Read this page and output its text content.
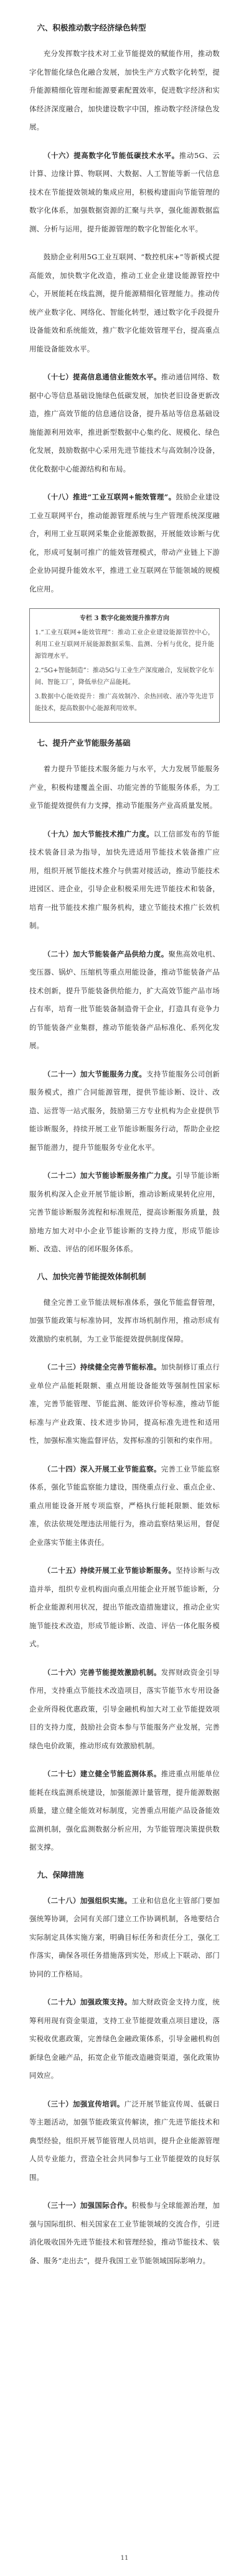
六、积极推动数字经济绿色转型

充分发挥数字技术对工业节能提效的赋能作用，推动数字化智能化绿色化融合发展，加快生产方式数字化转型，提升能源精细化管理和能源要素配置效率，促进数字经济和实体经济深度融合，加快建设数字中国，推动数字经济绿色发展。

（十六）提高数字化节能低碳技术水平。推动5G、云计算、边缘计算、物联网、大数据、人工智能等新一代信息技术在节能提效领域的集成应用，积极构建面向节能管理的数字化体系，加强数据资源的汇聚与共享，强化能源数据监测、分析与运用，提升能源管理的数字化智能化水平。

鼓励企业利用5G工业互联网、“数控机床+”等新模式提高能效，加快数字化改造，推动工业企业建设能源管控中心，开展能耗在线监测，提升能源精细化管理能力。推动传统产业数字化、网络化、智能化转型，通过数字化手段提升设备能效和系统能效，推广数字化能效管理平台，提高重点用能设备能效水平。

（十七）提高信息通信业能效水平。推动通信网络、数据中心等信息基础设施绿色低碳发展，加快老旧设备更新改造，推广高效节能的信息通信设备，提升基站等信息基础设施能源利用效率，推进新型数据中心集约化、规模化、绿色化发展，鼓励数据中心采用先进节能技术与高效制冷设备，优化数据中心能源结构和布局。

（十八）推进“工业互联网+能效管理”。鼓励企业建设工业互联网平台，推动能源管理系统与生产管理系统深度融合，利用工业互联网采集企业能源数据，开展能效诊断与优化，形成可复制可推广的能效管理模式，带动产业链上下游企业协同提升能效水平，推进工业互联网在节能领域的规模化应用。

专栏 3 数字化能效提升推荐方向
1.“工业互联网+能效管理”：推动工业企业建设能源管控中心，利用工业互联网开展能源数据采集、监测、分析与优化，提升能源管理水平。
2.“5G+智能制造”：推动5G与工业生产深度融合，发展数字化车间、智能工厂，降低单位产品能耗。
3.数据中心能效提升：推广高效制冷、余热回收、液冷等先进节能技术，提高数据中心能源利用效率。
七、提升产业节能服务基础

着力提升节能技术服务能力与水平，大力发展节能服务产业，积极构建覆盖全面、功能完善的节能服务体系，为工业节能提效提供有力支撑，推动节能服务产业高质量发展。

（十九）加大节能技术推广力度。以工信部发布的节能技术装备目录为指导，加快先进适用节能技术装备推广应用，组织开展节能技术推介与供需对接活动，推动节能技术进园区、进企业，引导企业积极采用先进节能技术和装备，培育一批节能技术推广服务机构，建立节能技术推广长效机制。

（二十）加大节能装备产品供给力度。聚焦高效电机、变压器、锅炉、压缩机等重点用能设备，推动节能装备产品技术创新，提升节能装备供给能力，扩大高效节能产品市场占有率，培育一批节能装备制造骨干企业，打造具有竞争力的节能装备产业集群，推动节能装备产品标准化、系列化发展。

（二十一）加大节能服务力度。支持节能服务公司创新服务模式，推广合同能源管理，提供节能诊断、设计、改造、运营等一站式服务，鼓励第三方专业机构为企业提供节能诊断服务，持续开展工业节能诊断服务行动，帮助企业挖掘节能潜力，提升节能服务专业化水平。

（二十二）加大节能诊断服务推广力度。引导节能诊断服务机构深入企业开展节能诊断，推动诊断成果转化应用，完善节能诊断服务流程和标准规范，提高诊断服务质量，鼓励地方加大对中小企业节能诊断的支持力度，形成节能诊断、改造、评估的闭环服务体系。

八、加快完善节能提效体制机制

健全完善工业节能法规标准体系，强化节能监督管理，加强节能政策与标准协同，发挥市场机制作用，推动形成有效激励约束机制，为工业节能提效提供制度保障。

（二十三）持续健全完善节能标准。加快制修订重点行业单位产品能耗限额、重点用能设备能效等强制性国家标准，完善节能管理、节能监测、能效评价等标准，推动节能标准与产业政策、技术进步协同，提高标准先进性和适用性，加强标准实施监督评估，发挥标准的引领和约束作用。

（二十四）深入开展工业节能监察。完善工业节能监察体系，强化节能监察能力建设，围绕重点行业、重点企业、重点用能设备开展专项监察，严格执行能耗限额、能效标准，依法依规处理违法用能行为，推动监察结果运用，督促企业落实节能主体责任。

（二十五）持续开展工业节能诊断服务。坚持诊断与改造并举，组织专业机构面向重点用能企业开展节能诊断，分析企业能源利用状况，提出节能改造措施建议，推动企业实施节能技术改造，形成节能诊断、改造、评估一体化服务模式。

（二十六）完善节能提效激励机制。发挥财政资金引导作用，支持重点节能技术改造项目，落实节能节水专用设备企业所得税优惠政策，引导金融机构加大对工业节能提效项目的支持力度，鼓励社会资本参与节能服务产业发展，完善绿色电价政策，推动形成有效激励机制。

（二十七）建立健全节能监测体系。推进重点用能单位能耗在线监测系统建设，加强能源计量管理，提升能源数据质量，建立健全能效对标制度，完善重点用能产品设备能效监测机制，强化监测数据分析应用，为节能管理决策提供数据支撑。

九、保障措施

（二十八）加强组织实施。工业和信息化主管部门要加强统筹协调，会同有关部门建立工作协调机制，各地要结合实际制定具体实施方案，明确目标任务和责任分工，强化工作落实，确保各项任务措施落到实处，形成上下联动、部门协同的工作格局。

（二十九）加强政策支持。加大财政资金支持力度，统筹利用现有资金渠道，支持工业节能提效重点项目建设，落实税收优惠政策，完善绿色金融政策体系，引导金融机构创新绿色金融产品，拓宽企业节能改造融资渠道，强化政策协同效应。

（三十）加强宣传培训。广泛开展节能宣传周、低碳日等主题活动，加强节能政策宣传解读，推广先进节能技术和典型经验，组织开展节能管理人员培训，提升企业能源管理人员专业能力，营造全社会共同参与工业节能提效的良好氛围。

（三十一）加强国际合作。积极参与全球能源治理，加强与国际组织、相关国家在工业节能领域的交流合作，引进消化吸收国外先进节能技术和管理经验，推动节能技术、装备、服务“走出去”，提升我国工业节能领域国际影响力。

11
